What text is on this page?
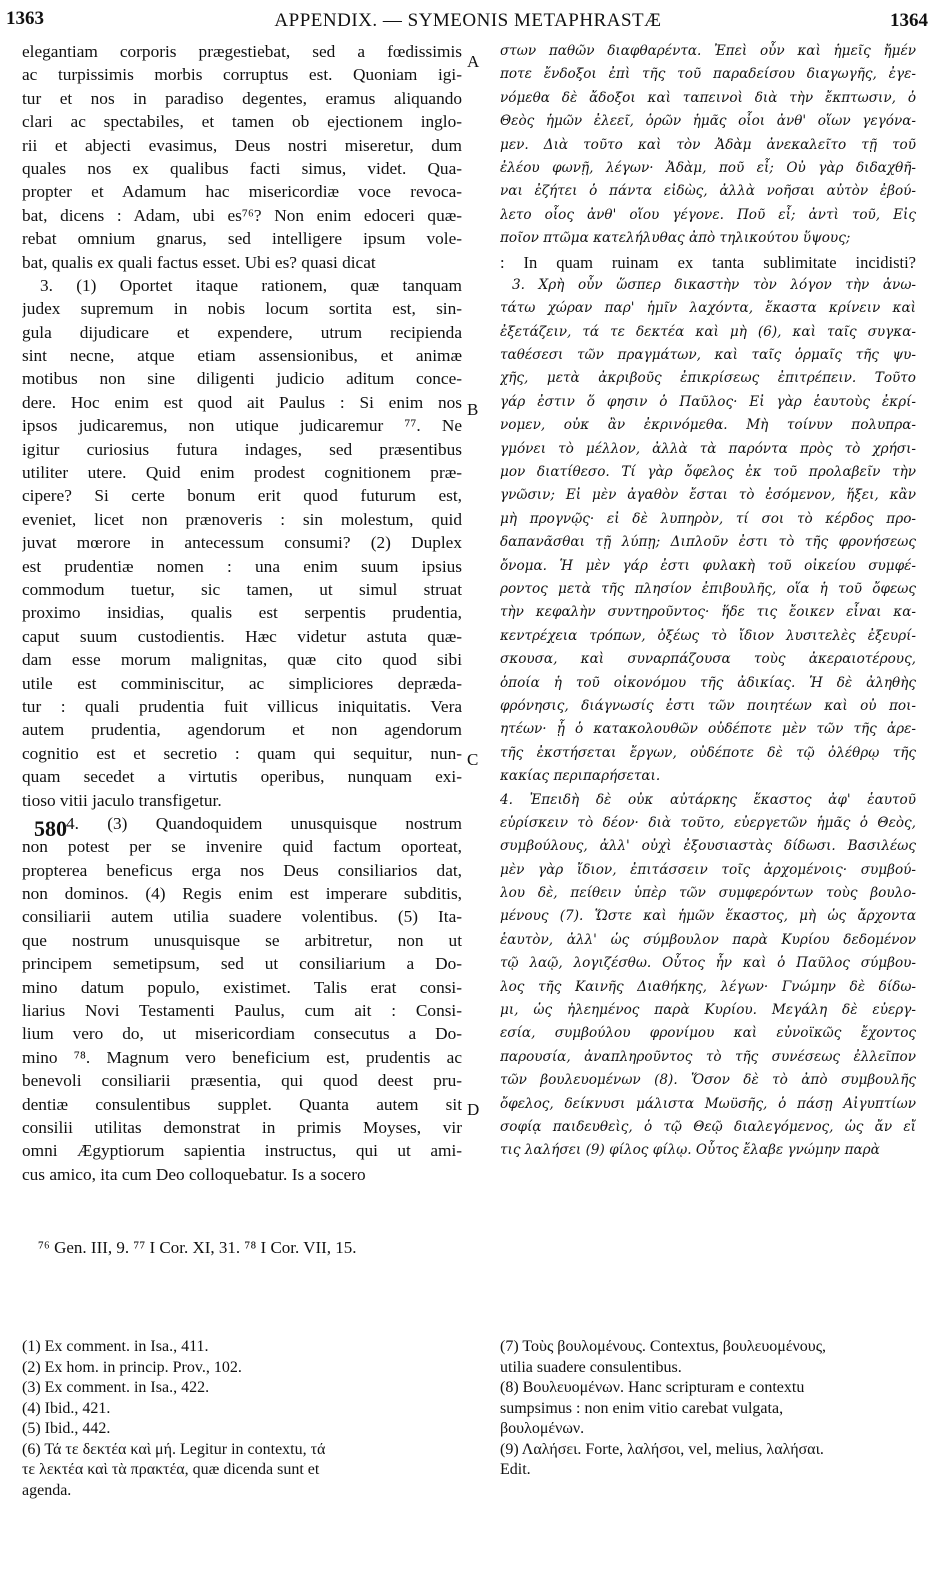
1363	APPENDIX. — SYMEONIS METAPHRASTÆ	1364
elegantiam corporis prægestiebat, sed a fœdissimis
ac turpissimis morbis corruptus est. Quoniam igi-
tur et nos in paradiso degentes, eramus aliquando
clari ac spectabiles, et tamen ob ejectionem inglo-
rii et abjecti evasimus, Deus nostri miseretur, dum
quales nos ex qualibus facti simus, videt. Qua-
propter et Adamum hac misericordiæ voce revoca-
bat, dicens : Adam, ubi es⁷⁶? Non enim edoceri quæ-
rebat omnium gnarus, sed intelligere ipsum vole-
bat, qualis ex quali factus esset. Ubi es? quasi dicat
3. (1) Oportet itaque rationem, quæ tanquam
judex supremum in nobis locum sortita est, sin-
gula dijudicare et expendere, utrum recipienda
sint necne, atque etiam assensionibus, et animæ
motibus non sine diligenti judicio aditum conce-
dere. Hoc enim est quod ait Paulus : Si enim nos
ipsos judicaremus, non utique judicaremur ⁷⁷. Ne
igitur curiosius futura indages, sed præsentibus
utiliter utere. Quid enim prodest cognitionem præ-
cipere? Si certe bonum erit quod futurum est,
eveniet, licet non prænoveris : sin molestum, quid
juvat mœrore in antecessum consumi? (2) Duplex
est prudentiæ nomen : una enim suum ipsius
commodum tuetur, sic tamen, ut simul struat
proximo insidias, qualis est serpentis prudentia,
caput suum custodientis. Hæc videtur astuta quæ-
dam esse morum malignitas, quæ cito quod sibi
utile est comminiscitur, ac simpliciores deprædа-
tur : quali prudentia fuit villicus iniquitatis. Vera
autem prudentia, agendorum et non agendorum
cognitio est et secretio : quam qui sequitur, nun-
quam secedet a virtutis operibus, nunquam exi-
tioso vitii jaculo transfigetur.
4. (3) Quandoquidem unusquisque nostrum
non potest per se invenire quid factum oporteat,
propterea beneficus erga nos Deus consiliarios dat,
non dominos. (4) Regis enim est imperare subditis,
consiliarii autem utilia suadere volentibus. (5) Ita-
que nostrum unusquisque se arbitretur, non ut
principem semetipsum, sed ut consiliarium a Do-
mino datum populo, existimet. Talis erat consi-
liarius Novi Testamenti Paulus, cum ait : Consi-
lium vero do, ut misericordiam consecutus a Do-
mino ⁷⁸. Magnum vero beneficium est, prudentis ac
benevoli consiliarii præsentia, qui quod deest pru-
dentiæ consulentibus supplet. Quanta autem sit
consilii utilitas demonstrat in primis Moyses, vir
omni Ægyptiorum sapientia instructus, qui ut ami-
cus amico, ita cum Deo colloquebatur. Is a socero
στων παθῶν διαφθαρέντα. Ἐπεὶ οὖν καὶ ἡμεῖς ἤμέν
ποτε ἔνδοξοι ἐπὶ τῆς τοῦ παραδείσου διαγωγῆς, ἐγε-
νόμεθα δὲ ἄδοξοι καὶ ταπεινοὶ διὰ τὴν ἔκπτωσιν, ὁ
Θεὸς ἡμῶν ἐλεεῖ, ὁρῶν ἡμᾶς οἷοι ἀνθ' οἵων γεγόνα-
μεν. Διὰ τοῦτο καὶ τὸν Ἀδὰμ ἀνεκαλεῖτο τῇ τοῦ
ἐλέου φωνῇ, λέγων· Ἀδὰμ, ποῦ εἶ; Οὐ γὰρ διδαχθῆ-
ναι ἐζήτει ὁ πάντα εἰδὼς, ἀλλὰ νοῆσαι αὐτὸν ἐβού-
λετο οἷος ἀνθ' οἵου γέγονε. Ποῦ εἶ; ἀντὶ τοῦ, Εἰς
ποῖον πτῶμα κατελήλυθας ἀπὸ τηλικούτου ὕψους;
: In quam ruinam ex tanta sublimitate incidisti?
3. Χρὴ οὖν ὥσπερ δικαστὴν τὸν λόγον τὴν ἀνω-
τάτω χώραν παρ' ἡμῖν λαχόντα, ἕκαστα κρίνειν καὶ
ἐξετάζειν, τά τε δεκτέα καὶ μὴ (6), καὶ ταῖς συγκα-
ταθέσεσι τῶν πραγμάτων, καὶ ταῖς ὁρμαῖς τῆς ψυ-
χῆς, μετὰ ἀκριβοῦς ἐπικρίσεως ἐπιτρέπειν. Τοῦτο
γάρ ἐστιν ὅ φησιν ὁ Παῦλος· Εἰ γὰρ ἑαυτοὺς ἐκρί-
νομεν, οὐκ ἂν ἐκρινόμεθα. Μὴ τοίνυν πολυπρα-
γμόνει τὸ μέλλον, ἀλλὰ τὰ παρόντα πρὸς τὸ χρήσι-
μον διατίθεσο. Τί γὰρ ὄφελος ἐκ τοῦ προλαβεῖν τὴν
γνῶσιν; Εἰ μὲν ἀγαθὸν ἔσται τὸ ἐσόμενον, ἥξει, κἂν
μὴ προγνῷς· εἰ δὲ λυπηρὸν, τί σοι τὸ κέρδος προ-
δαπανᾶσθαι τῇ λύπῃ; Διπλοῦν ἐστι τὸ τῆς φρονήσεως
ὄνομα. Ἡ μὲν γάρ ἐστι φυλακὴ τοῦ οἰκείου συμφέ-
ροντος μετὰ τῆς πλησίον ἐπιβουλῆς, οἵα ἡ τοῦ ὄφεως
τὴν κεφαλὴν συντηροῦντος· ἥδε τις ἔοικεν εἶναι κα-
κεντρέχεια τρόπων, ὀξέως τὸ ἴδιον λυσιτελὲς ἐξευρί-
σκουσα, καὶ συναρπάζουσα τοὺς ἀκεραιοτέρους,
ὁποία ἡ τοῦ οἰκονόμου τῆς ἀδικίας. Ἡ δὲ ἀληθὴς
φρόνησις, διάγνωσίς ἐστι τῶν ποιητέων καὶ οὐ ποι-
ητέων· ᾗ ὁ κατακολουθῶν οὐδέποτε μὲν τῶν τῆς ἀρε-
τῆς ἐκστήσεται ἔργων, οὐδέποτε δὲ τῷ ὀλέθρῳ τῆς
κακίας περιπαρήσεται.
4. Ἐπειδὴ δὲ οὐκ αὐτάρκης ἕκαστος ἀφ' ἑαυτοῦ
εὑρίσκειν τὸ δέον· διὰ τοῦτο, εὐεργετῶν ἡμᾶς ὁ Θεὸς,
συμβούλους, ἀλλ' οὐχὶ ἐξουσιαστὰς δίδωσι. Βασιλέως
μὲν γὰρ ἴδιον, ἐπιτάσσειν τοῖς ἀρχομένοις· συμβού-
λου δὲ, πείθειν ὑπὲρ τῶν συμφερόντων τοὺς βουλο-
μένους (7). Ὥστε καὶ ἡμῶν ἕκαστος, μὴ ὡς ἄρχοντα
ἑαυτὸν, ἀλλ' ὡς σύμβουλον παρὰ Κυρίου δεδομένον
τῷ λαῷ, λογιζέσθω. Οὗτος ἦν καὶ ὁ Παῦλος σύμβου-
λος τῆς Καινῆς Διαθήκης, λέγων· Γνώμην δὲ δίδω-
μι, ὡς ἠλεημένος παρὰ Κυρίου. Μεγάλη δὲ εὐεργ-
εσία, συμβούλου φρονίμου καὶ εὐνοϊκῶς ἔχοντος
παρουσία, ἀναπληροῦντος τὸ τῆς συνέσεως ἐλλεῖπον
τῶν βουλευομένων (8). Ὅσον δὲ τὸ ἀπὸ συμβουλῆς
ὄφελος, δείκνυσι μάλιστα Μωϋσῆς, ὁ πάσῃ Αἰγυπτίων
σοφίᾳ παιδευθεὶς, ὁ τῷ Θεῷ διαλεγόμενος, ὡς ἄν εἴ
τις λαλήσει (9) φίλος φίλῳ. Οὗτος ἔλαβε γνώμην παρὰ
A
B
C
D
580
⁷⁶ Gen. III, 9. ⁷⁷ I Cor. XI, 31. ⁷⁸ I Cor. VII, 15.
(1) Ex comment. in Isa., 411.
(2) Ex hom. in princip. Prov., 102.
(3) Ex comment. in Isa., 422.
(4) Ibid., 421.
(5) Ibid., 442.
(6) Τά τε δεκτέα καὶ μή. Legitur in contextu, τά
τε λεκτέα καὶ τὰ πρακτέα, quæ dicenda sunt et
agenda.
(7) Τοὺς βουλομένους. Contextus, βουλευομένους,
utilia suadere consulentibus.
(8) Βουλευομένων. Hanc scripturam e contextu
sumpsimus : non enim vitio carebat vulgata,
βουλομένων.
(9) Λαλήσει. Forte, λαλήσοι, vel, melius, λαλήσαι.
Edit.
